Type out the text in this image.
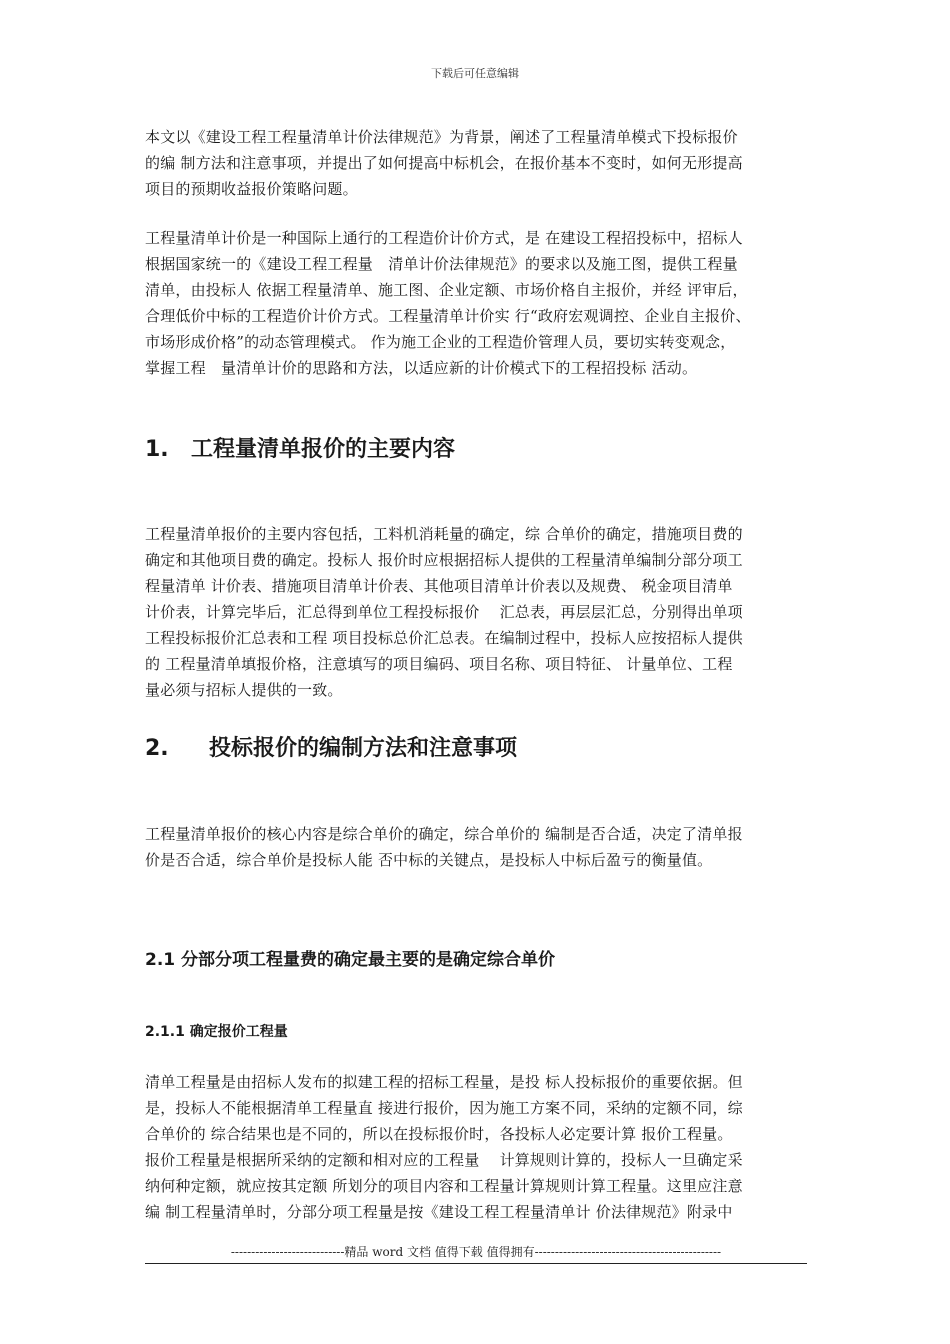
下载后可任意编辑
本文以《建设工程工程量清单计价法律规范》为背景，阐述了工程量清单模式下投标报价
的编 制方法和注意事项，并提出了如何提高中标机会，在报价基本不变时，如何无形提高
项目的预期收益报价策略问题。
工程量清单计价是一种国际上通行的工程造价计价方式，是 在建设工程招投标中，招标人
根据国家统一的《建设工程工程量　清单计价法律规范》的要求以及施工图，提供工程量
清单，由投标人 依据工程量清单、施工图、企业定额、市场价格自主报价，并经 评审后，
合理低价中标的工程造价计价方式。工程量清单计价实 行“政府宏观调控、企业自主报价、
市场形成价格”的动态管理模式。 作为施工企业的工程造价管理人员，要切实转变观念，
掌握工程　量清单计价的思路和方法，以适应新的计价模式下的工程招投标 活动。
1. 工程量清单报价的主要内容
工程量清单报价的主要内容包括，工料机消耗量的确定，综 合单价的确定，措施项目费的
确定和其他项目费的确定。投标人 报价时应根据招标人提供的工程量清单编制分部分项工
程量清单 计价表、措施项目清单计价表、其他项目清单计价表以及规费、 税金项目清单
计价表，计算完毕后，汇总得到单位工程投标报价　 汇总表，再层层汇总，分别得出单项
工程投标报价汇总表和工程 项目投标总价汇总表。在编制过程中，投标人应按招标人提供
的 工程量清单填报价格，注意填写的项目编码、项目名称、项目特征、 计量单位、工程
量必须与招标人提供的一致。
2. 投标报价的编制方法和注意事项
工程量清单报价的核心内容是综合单价的确定，综合单价的 编制是否合适，决定了清单报
价是否合适，综合单价是投标人能 否中标的关键点，是投标人中标后盈亏的衡量值。
2.1 分部分项工程量费的确定最主要的是确定综合单价
2.1.1 确定报价工程量
清单工程量是由招标人发布的拟建工程的招标工程量，是投 标人投标报价的重要依据。但
是，投标人不能根据清单工程量直 接进行报价，因为施工方案不同，采纳的定额不同，综
合单价的 综合结果也是不同的，所以在投标报价时，各投标人必定要计算 报价工程量。
报价工程量是根据所采纳的定额和相对应的工程量　 计算规则计算的，投标人一旦确定采
纳何种定额，就应按其定额 所划分的项目内容和工程量计算规则计算工程量。这里应注意
编 制工程量清单时，分部分项工程量是按《建设工程工程量清单计 价法律规范》附录中
----------------------------精品 word 文档 值得下载 值得拥有----------------------------------------------
